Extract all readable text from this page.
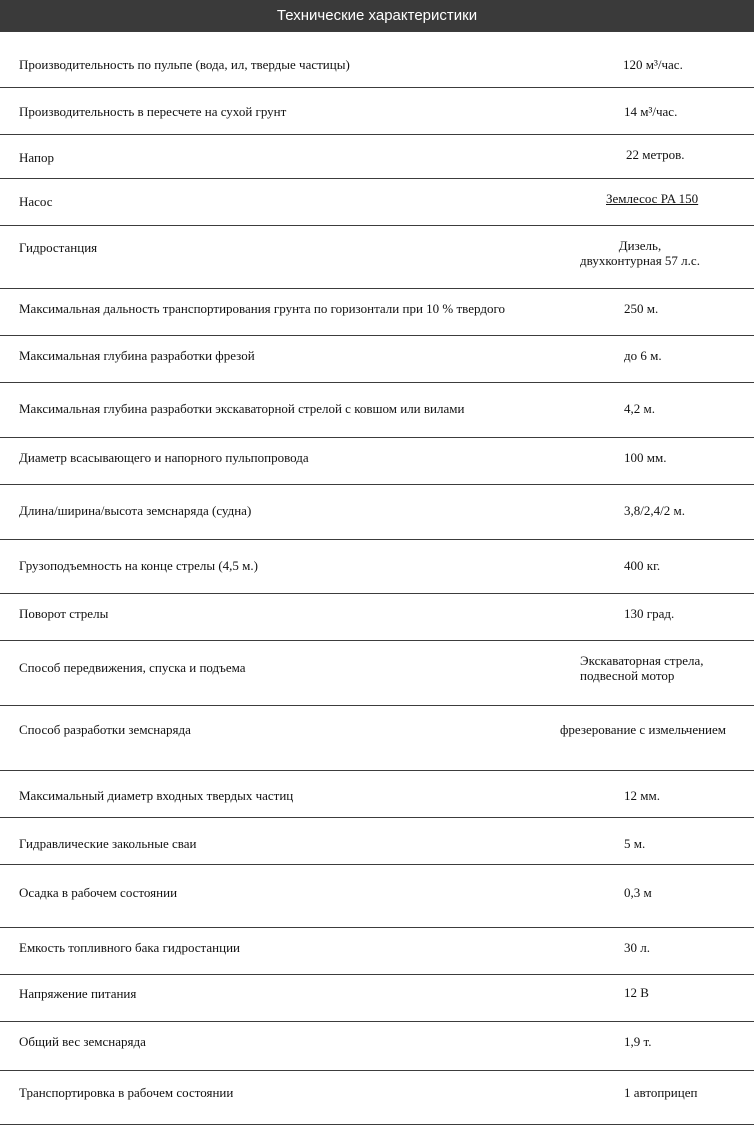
Технические характеристики
Производительность по пульпе (вода, ил, твердые частицы)	120 м³/час.
Производительность в пересчете на сухой грунт	14 м³/час.
Напор	22 метров.
Насос	Землесос PA 150
Гидростанция	Дизель,
двухконтурная 57 л.с.
Максимальная дальность транспортирования грунта по горизонтали при 10 % твердого	250 м.
Максимальная глубина разработки фрезой	до 6 м.
Максимальная глубина разработки экскаваторной стрелой с ковшом или вилами	4,2 м.
Диаметр всасывающего и напорного пульпопровода	100 мм.
Длина/ширина/высота земснаряда (судна)	3,8/2,4/2 м.
Грузоподъемность на конце стрелы (4,5 м.)	400 кг.
Поворот стрелы	130 град.
Способ передвижения, спуска и подъема	Экскаваторная стрела,
подвесной мотор
Способ разработки земснаряда	фрезерование с измельчением
Максимальный диаметр входных твердых частиц	12 мм.
Гидравлические закольные сваи	5 м.
Осадка в рабочем состоянии	0,3 м
Емкость топливного бака гидростанции	30 л.
Напряжение питания	12 В
Общий вес земснаряда	1,9 т.
Транспортировка в рабочем состоянии	1 автоприцеп
